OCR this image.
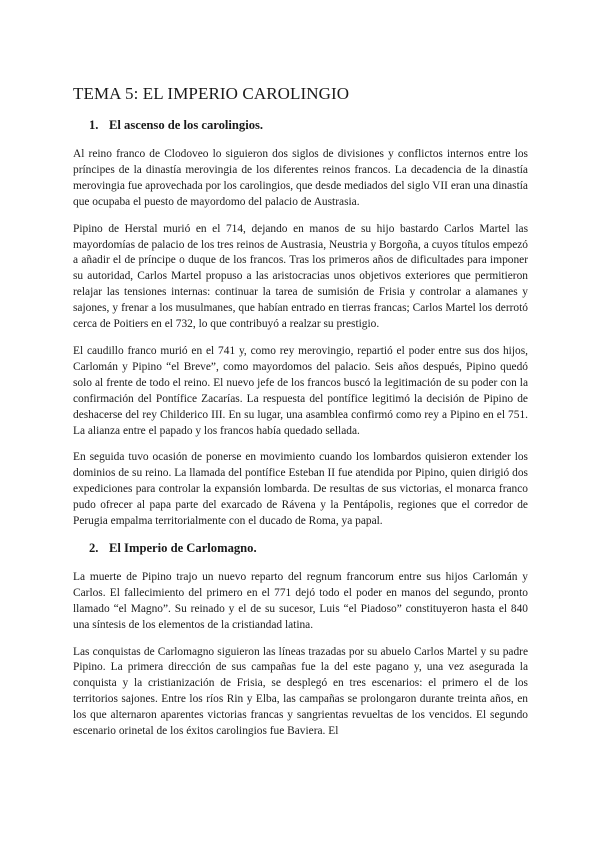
TEMA 5: EL IMPERIO CAROLINGIO
1. El ascenso de los carolingios.

Al reino franco de Clodoveo lo siguieron dos siglos de divisiones y conflictos internos entre los príncipes de la dinastía merovingia de los diferentes reinos francos. La decadencia de la dinastía merovingia fue aprovechada por los carolingios, que desde mediados del siglo VII eran una dinastía que ocupaba el puesto de mayordomo del palacio de Austrasia.

Pipino de Herstal murió en el 714, dejando en manos de su hijo bastardo Carlos Martel las mayordomías de palacio de los tres reinos de Austrasia, Neustria y Borgoña, a cuyos títulos empezó a añadir el de príncipe o duque de los francos. Tras los primeros años de dificultades para imponer su autoridad, Carlos Martel propuso a las aristocracias unos objetivos exteriores que permitieron relajar las tensiones internas: continuar la tarea de sumisión de Frisia y controlar a alamanes y sajones, y frenar a los musulmanes, que habían entrado en tierras francas; Carlos Martel los derrotó cerca de Poitiers en el 732, lo que contribuyó a realzar su prestigio.

El caudillo franco murió en el 741 y, como rey merovingio, repartió el poder entre sus dos hijos, Carlomán y Pipino “el Breve”, como mayordomos del palacio. Seis años después, Pipino quedó solo al frente de todo el reino. El nuevo jefe de los francos buscó la legitimación de su poder con la confirmación del Pontífice Zacarías. La respuesta del pontífice legitimó la decisión de Pipino de deshacerse del rey Childerico III. En su lugar, una asamblea confirmó como rey a Pipino en el 751. La alianza entre el papado y los francos había quedado sellada.

En seguida tuvo ocasión de ponerse en movimiento cuando los lombardos quisieron extender los dominios de su reino. La llamada del pontífice Esteban II fue atendida por Pipino, quien dirigió dos expediciones para controlar la expansión lombarda. De resultas de sus victorias, el monarca franco pudo ofrecer al papa parte del exarcado de Rávena y la Pentápolis, regiones que el corredor de Perugia empalma territorialmente con el ducado de Roma, ya papal.

2. El Imperio de Carlomagno.

La muerte de Pipino trajo un nuevo reparto del regnum francorum entre sus hijos Carlomán y Carlos. El fallecimiento del primero en el 771 dejó todo el poder en manos del segundo, pronto llamado “el Magno”. Su reinado y el de su sucesor, Luis “el Piadoso” constituyeron hasta el 840 una síntesis de los elementos de la cristiandad latina.

Las conquistas de Carlomagno siguieron las líneas trazadas por su abuelo Carlos Martel y su padre Pipino. La primera dirección de sus campañas fue la del este pagano y, una vez asegurada la conquista y la cristianización de Frisia, se desplegó en tres escenarios: el primero el de los territorios sajones. Entre los ríos Rin y Elba, las campañas se prolongaron durante treinta años, en los que alternaron aparentes victorias francas y sangrientas revueltas de los vencidos. El segundo escenario orinetal de los éxitos carolingios fue Baviera. El
